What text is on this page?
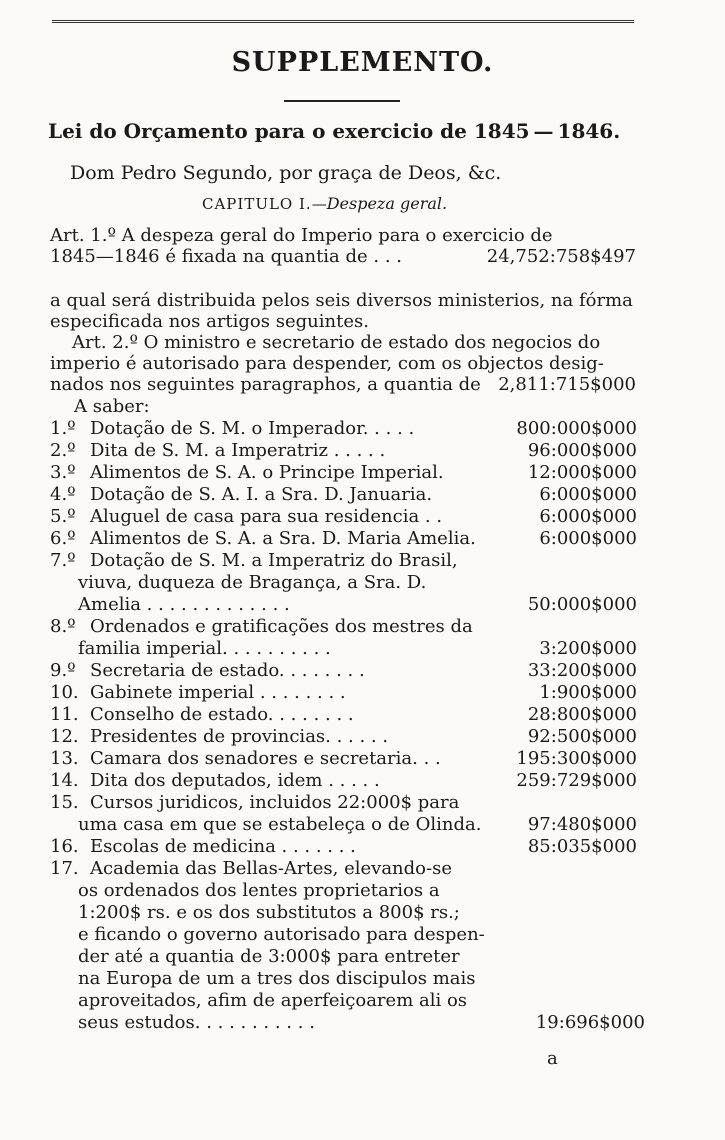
SUPPLEMENTO.
Lei do Orçamento para o exercicio de 1845 — 1846.
Dom Pedro Segundo, por graça de Deos, &c.
CAPITULO I.—Despeza geral.
Art. 1.º A despeza geral do Imperio para o exercicio de
1845—1846 é fixada na quantia de . . .	24,752:758$497
a qual será distribuida pelos seis diversos ministerios, na fórma
especificada nos artigos seguintes.
Art. 2.º O ministro e secretario de estado dos negocios do
imperio é autorisado para despender, com os objectos desig-
nados nos seguintes paragraphos, a quantia de 2,811:715$000
A saber:
1.º Dotação de S. M. o Imperador. . . . .	800:000$000
2.º Dita de S. M. a Imperatriz . . . . .	96:000$000
3.º Alimentos de S. A. o Principe Imperial.	12:000$000
4.º Dotação de S. A. I. a Sra. D. Januaria.	6:000$000
5.º Aluguel de casa para sua residencia . .	6:000$000
6.º Alimentos de S. A. a Sra. D. Maria Amelia.	6:000$000
7.º Dotação de S. M. a Imperatriz do Brasil,
viuva, duqueza de Bragança, a Sra. D.
Amelia . . . . . . . . . . . . .	50:000$000
8.º Ordenados e gratificações dos mestres da
familia imperial. . . . . . . . . .	3:200$000
9.º Secretaria de estado. . . . . . . .	33:200$000
10. Gabinete imperial . . . . . . . .	1:900$000
11. Conselho de estado. . . . . . . .	28:800$000
12. Presidentes de provincias. . . . . .	92:500$000
13. Camara dos senadores e secretaria. . .	195:300$000
14. Dita dos deputados, idem . . . . .	259:729$000
15. Cursos juridicos, incluidos 22:000$ para
uma casa em que se estabeleça o de Olinda.	97:480$000
16. Escolas de medicina . . . . . . .	85:035$000
17. Academia das Bellas-Artes, elevando-se
os ordenados dos lentes proprietarios a
1:200$ rs. e os dos substitutos a 800$ rs.;
e ficando o governo autorisado para despen-
der até a quantia de 3:000$ para entreter
na Europa de um a tres dos discipulos mais
aproveitados, afim de aperfeiçoarem ali os
seus estudos. . . . . . . . . . .	19:696$000
a
